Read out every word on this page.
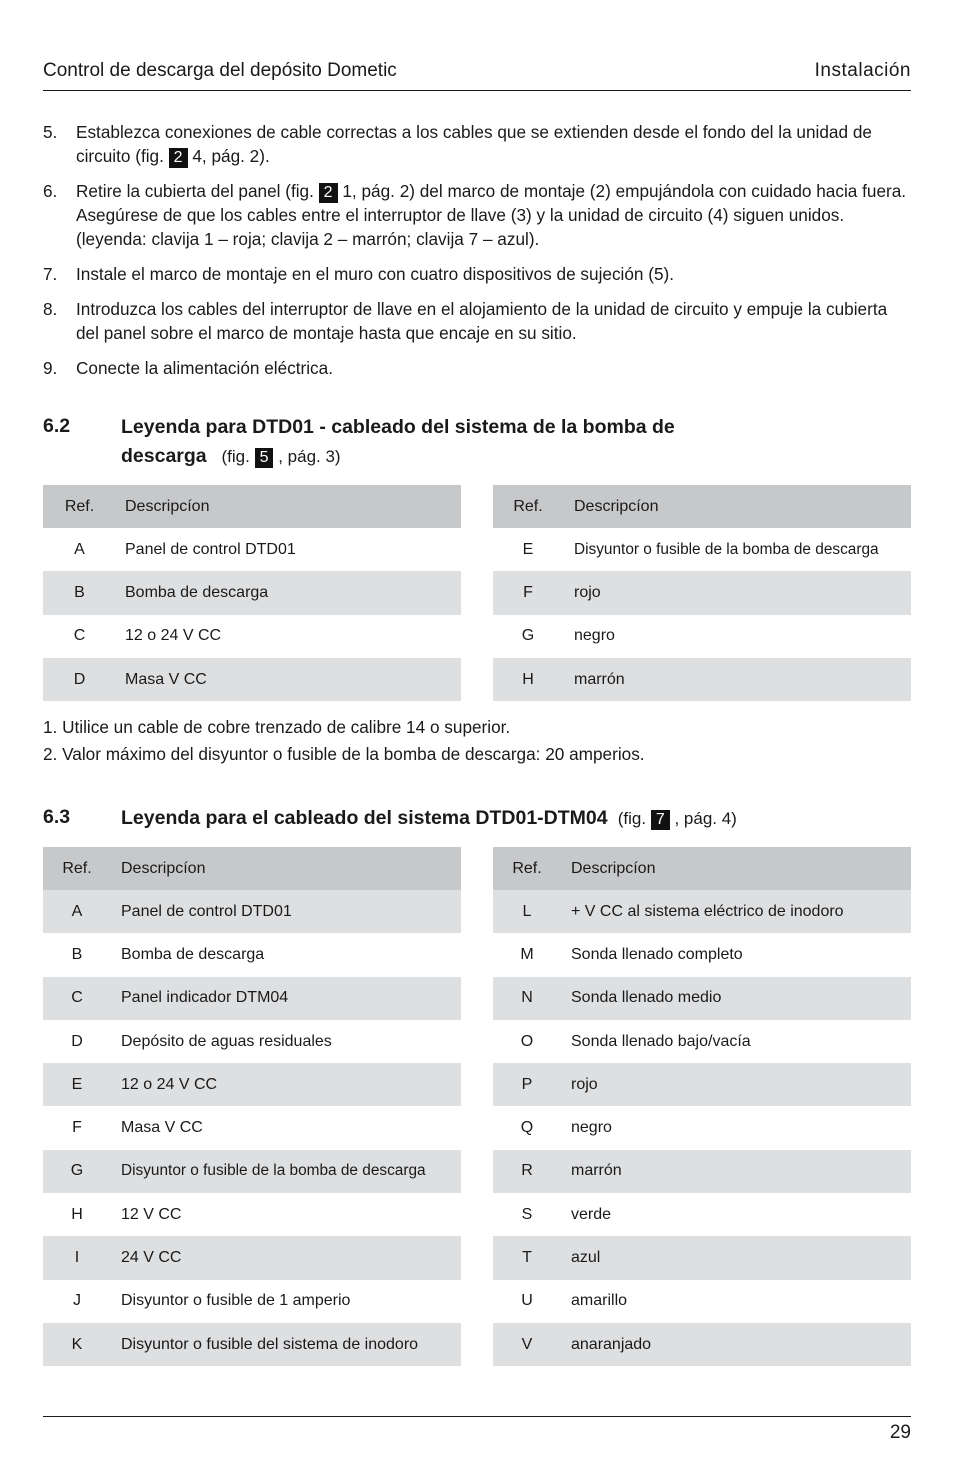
Control de descarga del depósito Dometic	Instalación
5. Establezca conexiones de cable correctas a los cables que se extienden desde el fondo del la unidad de circuito (fig. 2 4, pág. 2).
6. Retire la cubierta del panel (fig. 2 1, pág. 2) del marco de montaje (2) empujándola con cuidado hacia fuera. Asegúrese de que los cables entre el interruptor de llave (3) y la unidad de circuito (4) siguen unidos. (leyenda: clavija 1 – roja; clavija 2 – marrón; clavija 7 – azul).
7. Instale el marco de montaje en el muro con cuatro dispositivos de sujeción (5).
8. Introduzca los cables del interruptor de llave en el alojamiento de la unidad de circuito y empuje la cubierta del panel sobre el marco de montaje hasta que encaje en su sitio.
9. Conecte la alimentación eléctrica.
6.2	Leyenda para DTD01 - cableado del sistema de la bomba de
descarga (fig. 5 , pág. 3)
Ref.	Descripcíon
A	Panel de control DTD01
B	Bomba de descarga
C	12 o 24 V CC
D	Masa V CC
Ref.	Descripcíon
E	Disyuntor o fusible de la bomba de descarga
F	rojo
G	negro
H	marrón
1. Utilice un cable de cobre trenzado de calibre 14 o superior.
2. Valor máximo del disyuntor o fusible de la bomba de descarga: 20 amperios.
6.3	Leyenda para el cableado del sistema DTD01-DTM04 (fig. 7 , pág. 4)
Ref.	Descripcíon
A	Panel de control DTD01
B	Bomba de descarga
C	Panel indicador DTM04
D	Depósito de aguas residuales
E	12 o 24 V CC
F	Masa V CC
G	Disyuntor o fusible de la bomba de descarga
H	12 V CC
I	24 V CC
J	Disyuntor o fusible de 1 amperio
K	Disyuntor o fusible del sistema de inodoro
Ref.	Descripcíon
L	+ V CC al sistema eléctrico de inodoro
M	Sonda llenado completo
N	Sonda llenado medio
O	Sonda llenado bajo/vacía
P	rojo
Q	negro
R	marrón
S	verde
T	azul
U	amarillo
V	anaranjado
29
